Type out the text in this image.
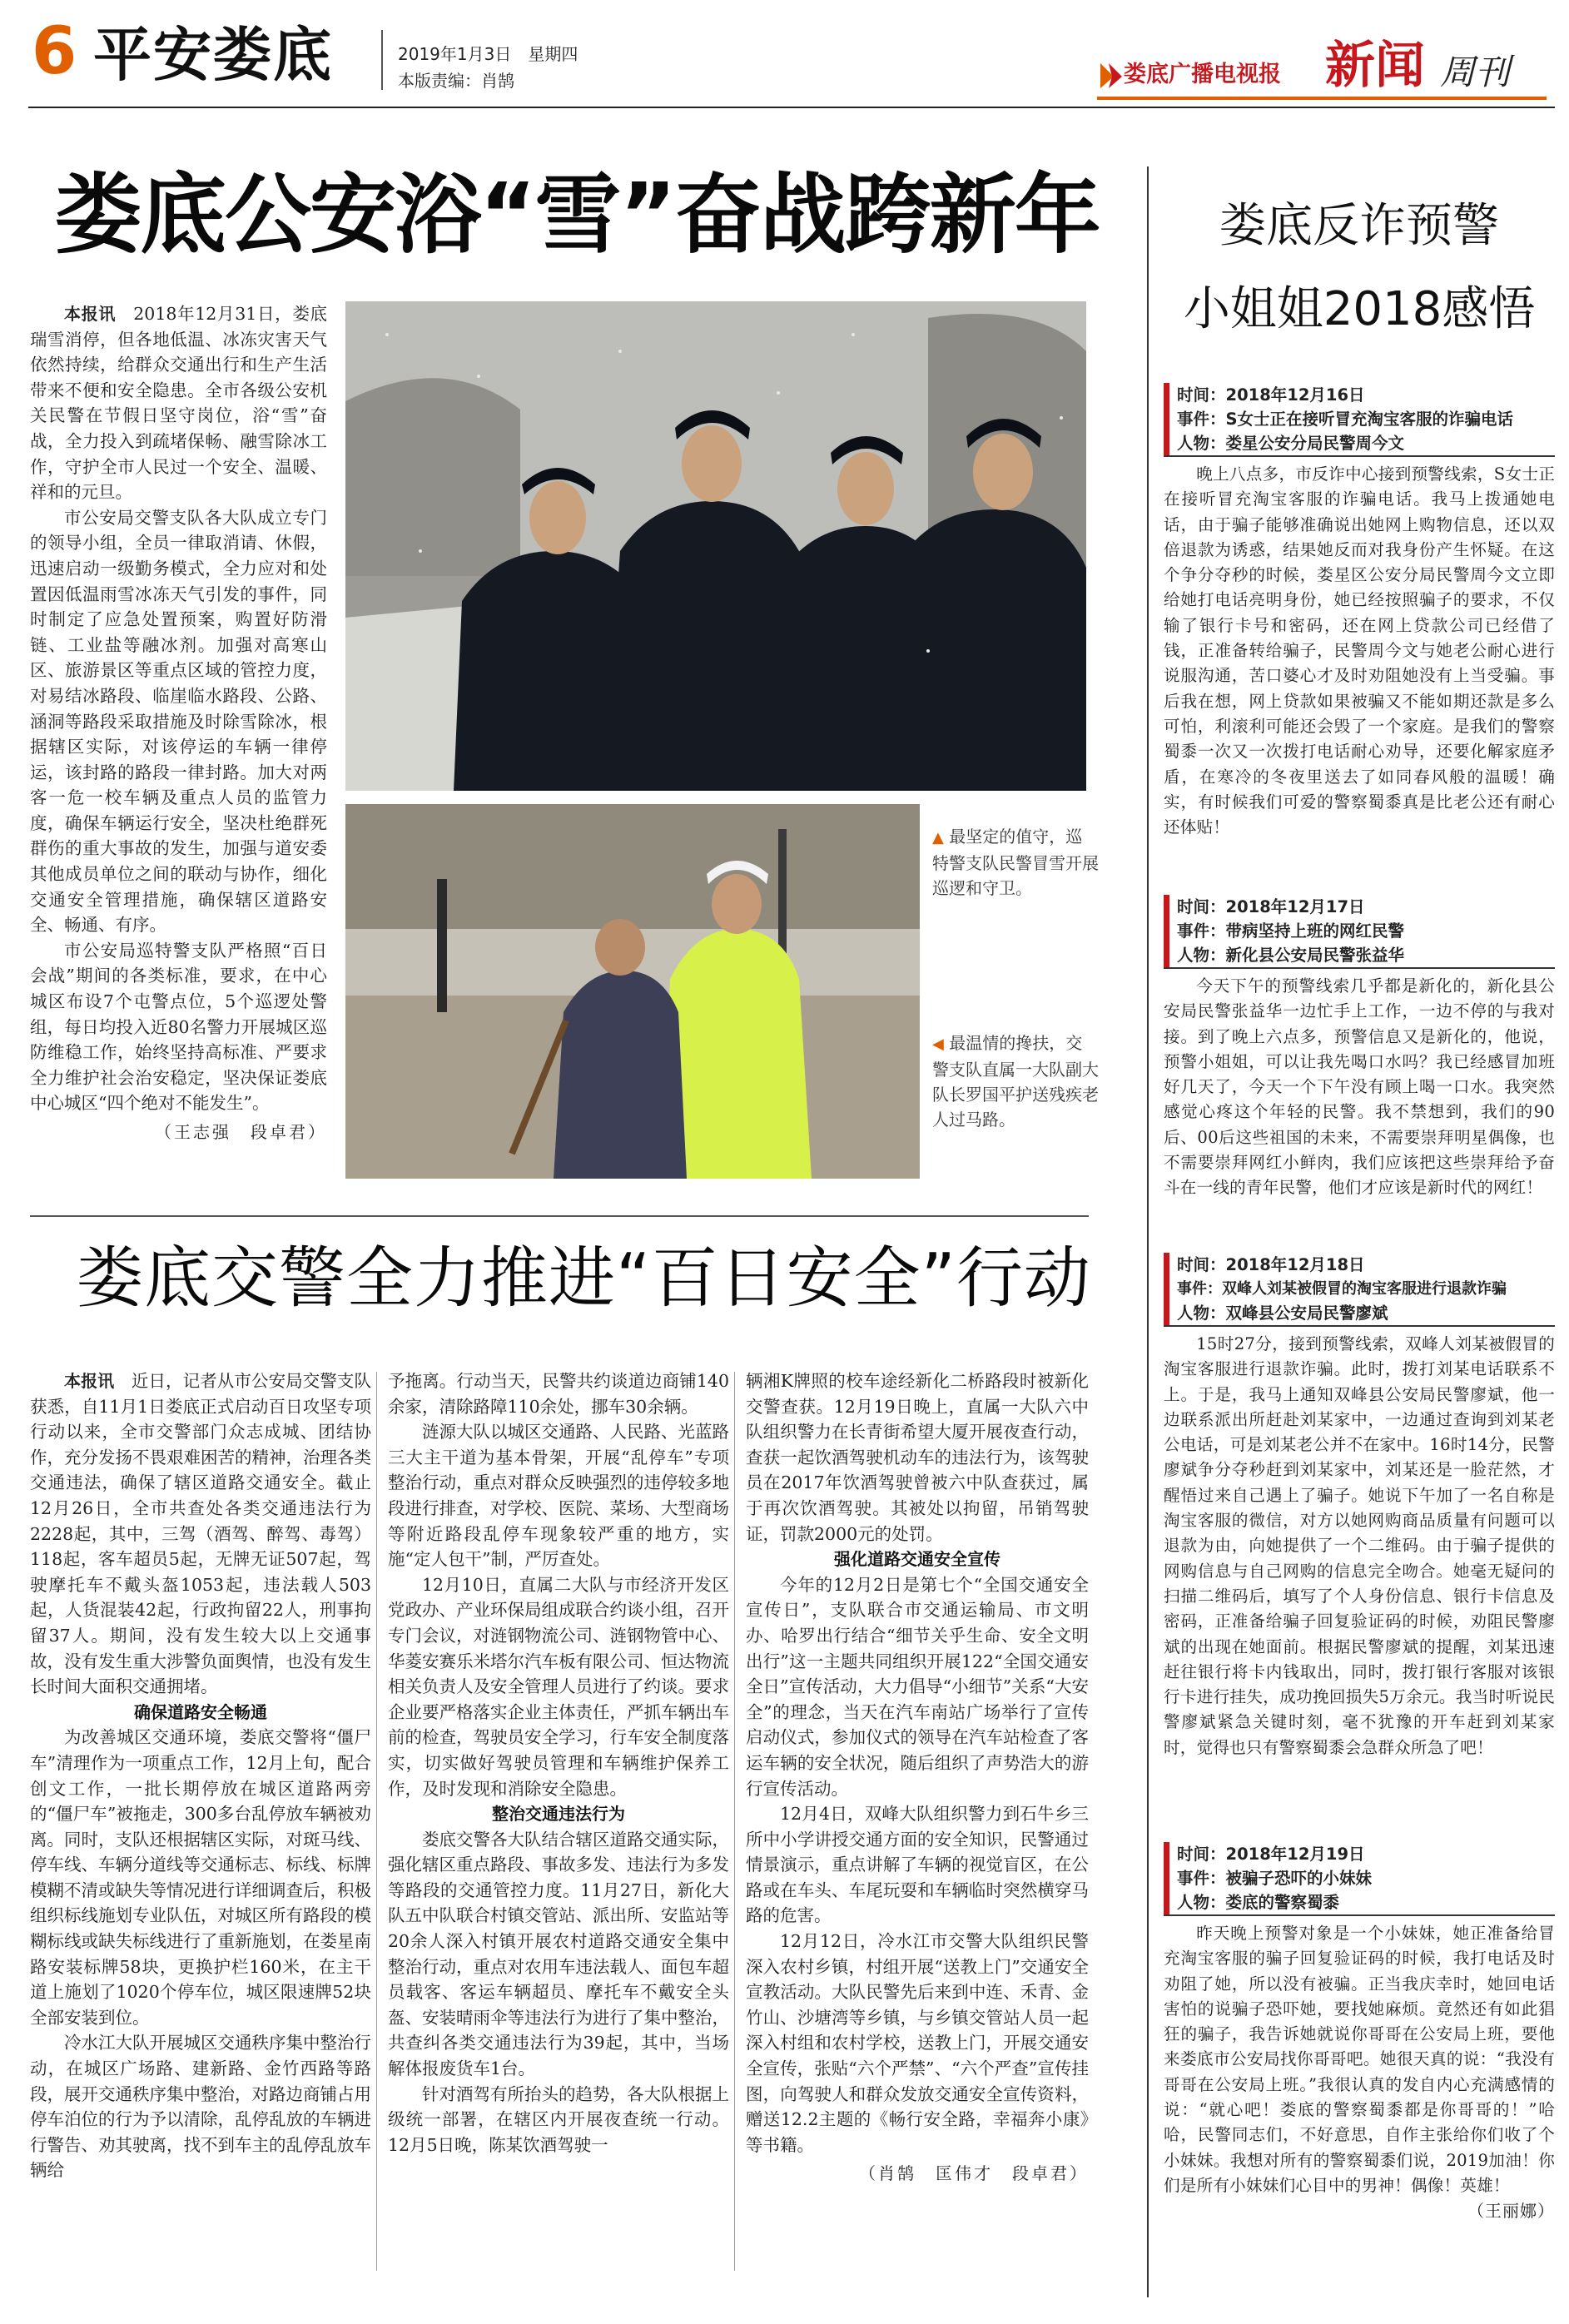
6 平安娄底	2019年1月3日　星期四
本版责编：肖鹄	娄底广播电视报 新闻 周刊
娄底公安浴“雪”奋战跨新年

本报讯　 2018年12月31日，娄底瑞雪消停，但各地低温、冰冻灾害天气依然持续，给群众交通出行和生产生活带来不便和安全隐患。全市各级公安机关民警在节假日坚守岗位，浴“雪”奋战，全力投入到疏堵保畅、融雪除冰工作，守护全市人民过一个安全、温暖、祥和的元旦。

市公安局交警支队各大队成立专门的领导小组，全员一律取消请、休假，迅速启动一级勤务模式，全力应对和处置因低温雨雪冰冻天气引发的事件，同时制定了应急处置预案，购置好防滑链、工业盐等融冰剂。加强对高寒山区、旅游景区等重点区域的管控力度，对易结冰路段、临崖临水路段、公路、涵洞等路段采取措施及时除雪除冰，根据辖区实际，对该停运的车辆一律停运，该封路的路段一律封路。加大对两客一危一校车辆及重点人员的监管力度，确保车辆运行安全，坚决杜绝群死群伤的重大事故的发生，加强与道安委其他成员单位之间的联动与协作，细化交通安全管理措施，确保辖区道路安全、畅通、有序。

市公安局巡特警支队严格照“百日会战”期间的各类标准，要求，在中心城区布设7个屯警点位，5个巡逻处警组，每日均投入近80名警力开展城区巡防维稳工作，始终坚持高标准、严要求全力维护社会治安稳定，坚决保证娄底中心城区“四个绝对不能发生”。

（王志强　段卓君）

▲ 最坚定的值守，巡特警支队民警冒雪开展巡逻和守卫。

◀ 最温情的搀扶，交警支队直属一大队副大队长罗国平护送残疾老人过马路。

娄底交警全力推进“百日安全”行动

本报讯　 近日，记者从市公安局交警支队获悉，自11月1日娄底正式启动百日攻坚专项行动以来，全市交警部门众志成城、团结协作，充分发扬不畏艰难困苦的精神，治理各类交通违法，确保了辖区道路交通安全。截止12月26日，全市共查处各类交通违法行为2228起，其中，三驾（酒驾、醉驾、毒驾）118起，客车超员5起，无牌无证507起，驾驶摩托车不戴头盔1053起，违法载人503起，人货混装42起，行政拘留22人，刑事拘留37人。期间，没有发生较大以上交通事故，没有发生重大涉警负面舆情，也没有发生长时间大面积交通拥堵。

确保道路安全畅通

为改善城区交通环境，娄底交警将“僵尸车”清理作为一项重点工作，12月上旬，配合创文工作，一批长期停放在城区道路两旁的“僵尸车”被拖走，300多台乱停放车辆被劝离。同时，支队还根据辖区实际，对斑马线、停车线、车辆分道线等交通标志、标线、标牌模糊不清或缺失等情况进行详细调查后，积极组织标线施划专业队伍，对城区所有路段的模糊标线或缺失标线进行了重新施划，在娄星南路安装标牌58块，更换护栏160米，在主干道上施划了1020个停车位，城区限速牌52块全部安装到位。

冷水江大队开展城区交通秩序集中整治行动，在城区广场路、建新路、金竹西路等路段，展开交通秩序集中整治，对路边商铺占用停车泊位的行为予以清除，乱停乱放的车辆进行警告、劝其驶离，找不到车主的乱停乱放车辆给

予拖离。行动当天，民警共约谈道边商铺140余家，清除路障110余处，挪车30余辆。

涟源大队以城区交通路、人民路、光蓝路三大主干道为基本骨架，开展“乱停车”专项整治行动，重点对群众反映强烈的违停较多地段进行排查，对学校、医院、菜场、大型商场等附近路段乱停车现象较严重的地方，实施“定人包干”制，严厉查处。

12月10日，直属二大队与市经济开发区党政办、产业环保局组成联合约谈小组，召开专门会议，对涟钢物流公司、涟钢物管中心、华菱安赛乐米塔尔汽车板有限公司、恒达物流相关负责人及安全管理人员进行了约谈。要求企业要严格落实企业主体责任，严抓车辆出车前的检查，驾驶员安全学习，行车安全制度落实，切实做好驾驶员管理和车辆维护保养工作，及时发现和消除安全隐患。

整治交通违法行为

娄底交警各大队结合辖区道路交通实际，强化辖区重点路段、事故多发、违法行为多发等路段的交通管控力度。11月27日，新化大队五中队联合村镇交管站、派出所、安监站等20余人深入村镇开展农村道路交通安全集中整治行动，重点对农用车违法载人、面包车超员载客、客运车辆超员、摩托车不戴安全头盔、安装晴雨伞等违法行为进行了集中整治，共查纠各类交通违法行为39起，其中，当场解体报废货车1台。

针对酒驾有所抬头的趋势，各大队根据上级统一部署，在辖区内开展夜查统一行动。12月5日晚，陈某饮酒驾驶一

辆湘K牌照的校车途经新化二桥路段时被新化交警查获。12月19日晚上，直属一大队六中队组织警力在长青街希望大厦开展夜查行动，查获一起饮酒驾驶机动车的违法行为，该驾驶员在2017年饮酒驾驶曾被六中队查获过，属于再次饮酒驾驶。其被处以拘留，吊销驾驶证，罚款2000元的处罚。

强化道路交通安全宣传

今年的12月2日是第七个“全国交通安全宣传日”，支队联合市交通运输局、市文明办、哈罗出行结合“细节关乎生命、安全文明出行”这一主题共同组织开展122“全国交通安全日”宣传活动，大力倡导“小细节”关系“大安全”的理念，当天在汽车南站广场举行了宣传启动仪式，参加仪式的领导在汽车站检查了客运车辆的安全状况，随后组织了声势浩大的游行宣传活动。

12月4日，双峰大队组织警力到石牛乡三所中小学讲授交通方面的安全知识，民警通过情景演示，重点讲解了车辆的视觉盲区，在公路或在车头、车尾玩耍和车辆临时突然横穿马路的危害。

12月12日，冷水江市交警大队组织民警深入农村乡镇，村组开展“送教上门”交通安全宣教活动。大队民警先后来到中连、禾青、金竹山、沙塘湾等乡镇，与乡镇交管站人员一起深入村组和农村学校，送教上门，开展交通安全宣传，张贴“六个严禁”、“六个严查”宣传挂图，向驾驶人和群众发放交通安全宣传资料，赠送12.2主题的《畅行安全路，幸福奔小康》等书籍。

（肖鹄　匡伟才　段卓君）
娄底反诈预警
小姐姐2018感悟
时间：2018年12月16日
事件：S女士正在接听冒充淘宝客服的诈骗电话
人物：娄星公安分局民警周今文

晚上八点多，市反诈中心接到预警线索，S女士正在接听冒充淘宝客服的诈骗电话。我马上拨通她电话，由于骗子能够准确说出她网上购物信息，还以双倍退款为诱惑，结果她反而对我身份产生怀疑。在这个争分夺秒的时候，娄星区公安分局民警周今文立即给她打电话亮明身份，她已经按照骗子的要求，不仅输了银行卡号和密码，还在网上贷款公司已经借了钱，正准备转给骗子，民警周今文与她老公耐心进行说服沟通，苦口婆心才及时劝阻她没有上当受骗。事后我在想，网上贷款如果被骗又不能如期还款是多么可怕，利滚利可能还会毁了一个家庭。是我们的警察蜀黍一次又一次拨打电话耐心劝导，还要化解家庭矛盾，在寒冷的冬夜里送去了如同春风般的温暖！确实，有时候我们可爱的警察蜀黍真是比老公还有耐心还体贴！

时间：2018年12月17日
事件：带病坚持上班的网红民警
人物：新化县公安局民警张益华

今天下午的预警线索几乎都是新化的，新化县公安局民警张益华一边忙手上工作，一边不停的与我对接。到了晚上六点多，预警信息又是新化的，他说，预警小姐姐，可以让我先喝口水吗？我已经感冒加班好几天了，今天一个下午没有顾上喝一口水。我突然感觉心疼这个年轻的民警。我不禁想到，我们的90后、00后这些祖国的未来，不需要崇拜明星偶像，也不需要崇拜网红小鲜肉，我们应该把这些崇拜给予奋斗在一线的青年民警，他们才应该是新时代的网红！

时间：2018年12月18日
事件：双峰人刘某被假冒的淘宝客服进行退款诈骗
人物：双峰县公安局民警廖斌

15时27分，接到预警线索，双峰人刘某被假冒的淘宝客服进行退款诈骗。此时，拨打刘某电话联系不上。于是，我马上通知双峰县公安局民警廖斌，他一边联系派出所赶赴刘某家中，一边通过查询到刘某老公电话，可是刘某老公并不在家中。16时14分，民警廖斌争分夺秒赶到刘某家中，刘某还是一脸茫然，才醒悟过来自己遇上了骗子。她说下午加了一名自称是淘宝客服的微信，对方以她网购商品质量有问题可以退款为由，向她提供了一个二维码。由于骗子提供的网购信息与自己网购的信息完全吻合。她毫无疑问的扫描二维码后，填写了个人身份信息、银行卡信息及密码，正准备给骗子回复验证码的时候，劝阻民警廖斌的出现在她面前。根据民警廖斌的提醒，刘某迅速赶往银行将卡内钱取出，同时，拨打银行客服对该银行卡进行挂失，成功挽回损失5万余元。我当时听说民警廖斌紧急关键时刻，毫不犹豫的开车赶到刘某家时，觉得也只有警察蜀黍会急群众所急了吧！

时间：2018年12月19日
事件：被骗子恐吓的小妹妹
人物：娄底的警察蜀黍

昨天晚上预警对象是一个小妹妹，她正准备给冒充淘宝客服的骗子回复验证码的时候，我打电话及时劝阻了她，所以没有被骗。正当我庆幸时，她回电话害怕的说骗子恐吓她，要找她麻烦。竟然还有如此猖狂的骗子，我告诉她就说你哥哥在公安局上班，要他来娄底市公安局找你哥哥吧。她很天真的说：“我没有哥哥在公安局上班。”我很认真的发自内心充满感情的说：“就心吧！娄底的警察蜀黍都是你哥哥的！”哈哈，民警同志们，不好意思，自作主张给你们收了个小妹妹。我想对所有的警察蜀黍们说，2019加油！你们是所有小妹妹们心目中的男神！偶像！英雄！

（王丽娜）
